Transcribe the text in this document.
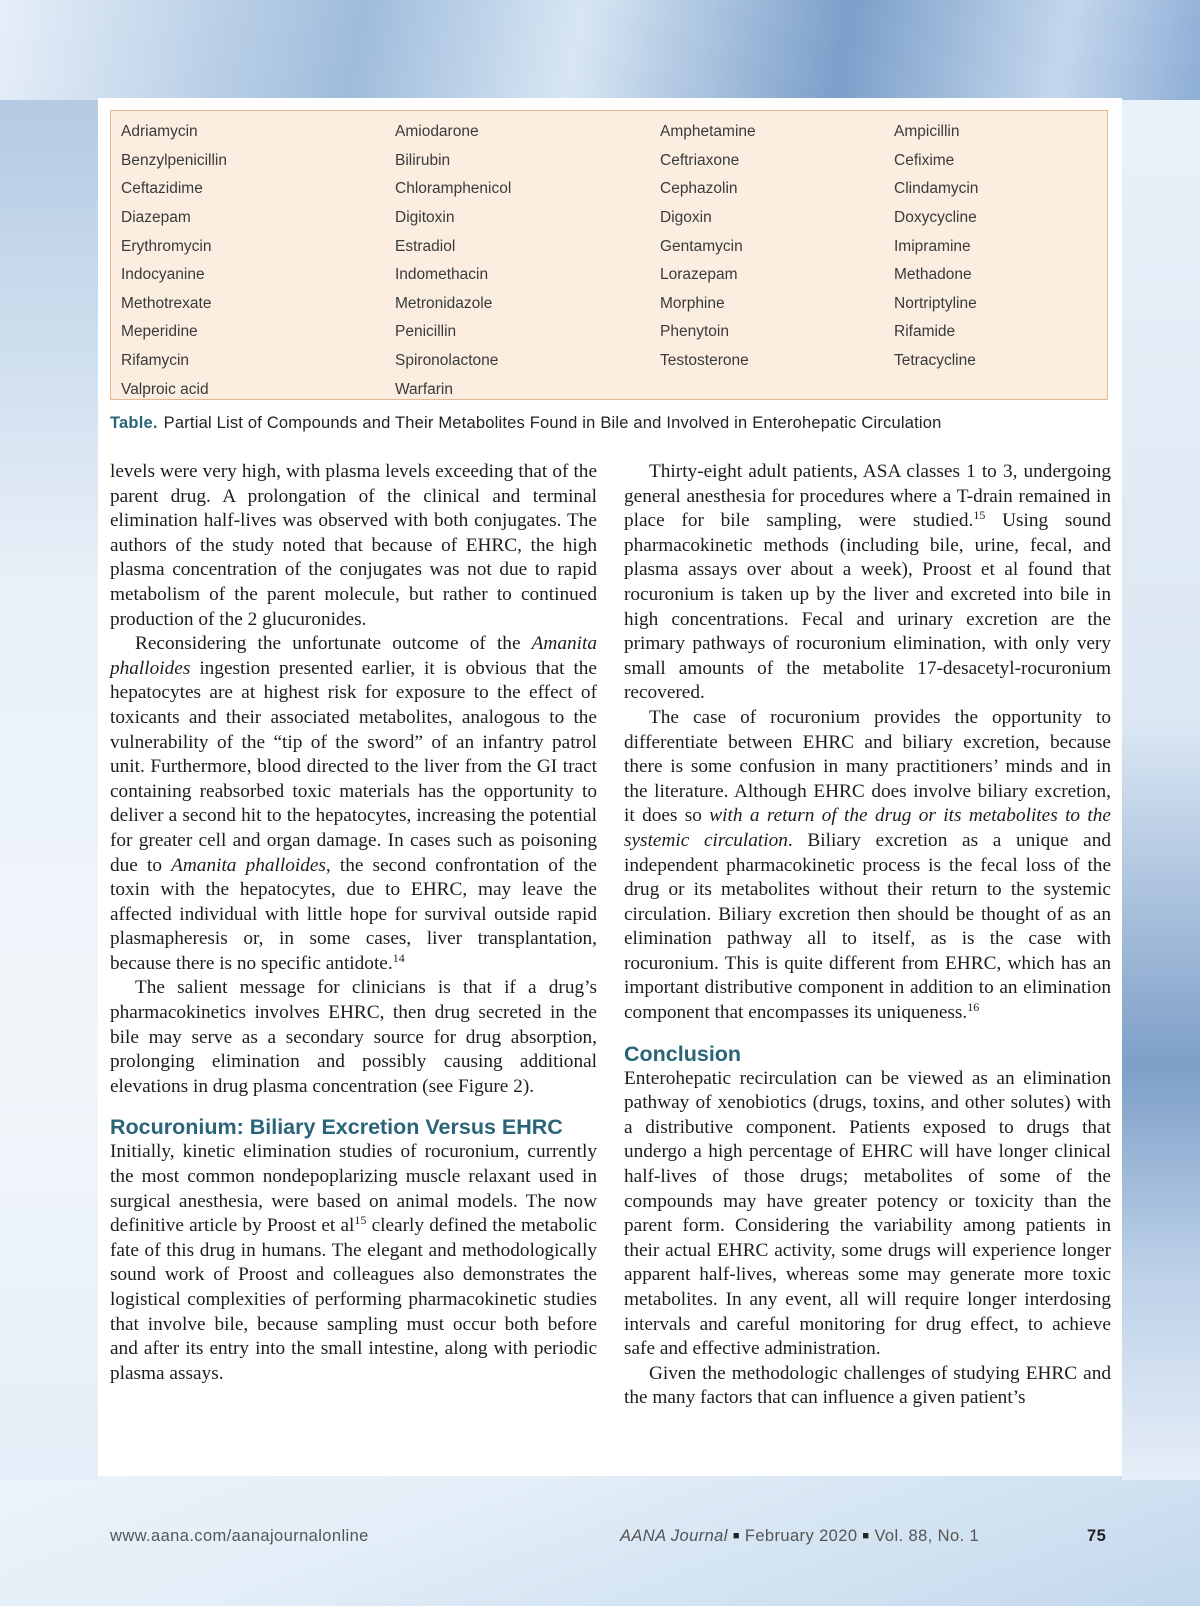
Adriamycin	Amiodarone	Amphetamine	Ampicillin
Benzylpenicillin	Bilirubin	Ceftriaxone	Cefixime
Ceftazidime	Chloramphenicol	Cephazolin	Clindamycin
Diazepam	Digitoxin	Digoxin	Doxycycline
Erythromycin	Estradiol	Gentamycin	Imipramine
Indocyanine	Indomethacin	Lorazepam	Methadone
Methotrexate	Metronidazole	Morphine	Nortriptyline
Meperidine	Penicillin	Phenytoin	Rifamide
Rifamycin	Spironolactone	Testosterone	Tetracycline
Valproic acid	Warfarin
Table. Partial List of Compounds and Their Metabolites Found in Bile and Involved in Enterohepatic Circulation

levels were very high, with plasma levels exceeding that of the parent drug. A prolongation of the clinical and terminal elimination half-lives was observed with both conjugates. The authors of the study noted that because of EHRC, the high plasma concentration of the conjugates was not due to rapid metabolism of the parent molecule, but rather to continued production of the 2 glucuronides.

Reconsidering the unfortunate outcome of the Amanita phalloides ingestion presented earlier, it is obvious that the hepatocytes are at highest risk for exposure to the effect of toxicants and their associated metabolites, analogous to the vulnerability of the “tip of the sword” of an infantry patrol unit. Furthermore, blood directed to the liver from the GI tract containing reabsorbed toxic materials has the opportunity to deliver a second hit to the hepatocytes, increasing the potential for greater cell and organ damage. In cases such as poisoning due to Amanita phalloides, the second confrontation of the toxin with the hepatocytes, due to EHRC, may leave the affected individual with little hope for survival outside rapid plasmapheresis or, in some cases, liver transplantation, because there is no specific antidote.$^{14}$

The salient message for clinicians is that if a drug’s pharmacokinetics involves EHRC, then drug secreted in the bile may serve as a secondary source for drug absorption, prolonging elimination and possibly causing additional elevations in drug plasma concentration (see Figure 2).

Rocuronium: Biliary Excretion Versus EHRC

Initially, kinetic elimination studies of rocuronium, currently the most common nondepoplarizing muscle relaxant used in surgical anesthesia, were based on animal models. The now definitive article by Proost et $al^{15}$ clearly defined the metabolic fate of this drug in humans. The elegant and methodologically sound work of Proost and colleagues also demonstrates the logistical complexities of performing pharmacokinetic studies that involve bile, because sampling must occur both before and after its entry into the small intestine, along with periodic plasma assays.

Thirty-eight adult patients, ASA classes 1 to 3, undergoing general anesthesia for procedures where a T-drain remained in place for bile sampling, were studied.$^{15}$ Using sound pharmacokinetic methods (including bile, urine, fecal, and plasma assays over about a week), Proost et al found that rocuronium is taken up by the liver and excreted into bile in high concentrations. Fecal and urinary excretion are the primary pathways of rocuronium elimination, with only very small amounts of the metabolite 17-desacetyl-rocuronium recovered.

The case of rocuronium provides the opportunity to differentiate between EHRC and biliary excretion, because there is some confusion in many practitioners’ minds and in the literature. Although EHRC does involve biliary excretion, it does so with a return of the drug or its metabolites to the systemic circulation. Biliary excretion as a unique and independent pharmacokinetic process is the fecal loss of the drug or its metabolites without their return to the systemic circulation. Biliary excretion then should be thought of as an elimination pathway all to itself, as is the case with rocuronium. This is quite different from EHRC, which has an important distributive component in addition to an elimination component that encompasses its uniqueness.$^{16}$

Conclusion

Enterohepatic recirculation can be viewed as an elimination pathway of xenobiotics (drugs, toxins, and other solutes) with a distributive component. Patients exposed to drugs that undergo a high percentage of EHRC will have longer clinical half-lives of those drugs; metabolites of some of the compounds may have greater potency or toxicity than the parent form. Considering the variability among patients in their actual EHRC activity, some drugs will experience longer apparent half-lives, whereas some may generate more toxic metabolites. In any event, all will require longer interdosing intervals and careful monitoring for drug effect, to achieve safe and effective administration.

Given the methodologic challenges of studying EHRC and the many factors that can influence a given patient’s

www.aana.com/aanajournalonline	AANA Journal ■ February 2020 ■ Vol. 88, No. 1	75
